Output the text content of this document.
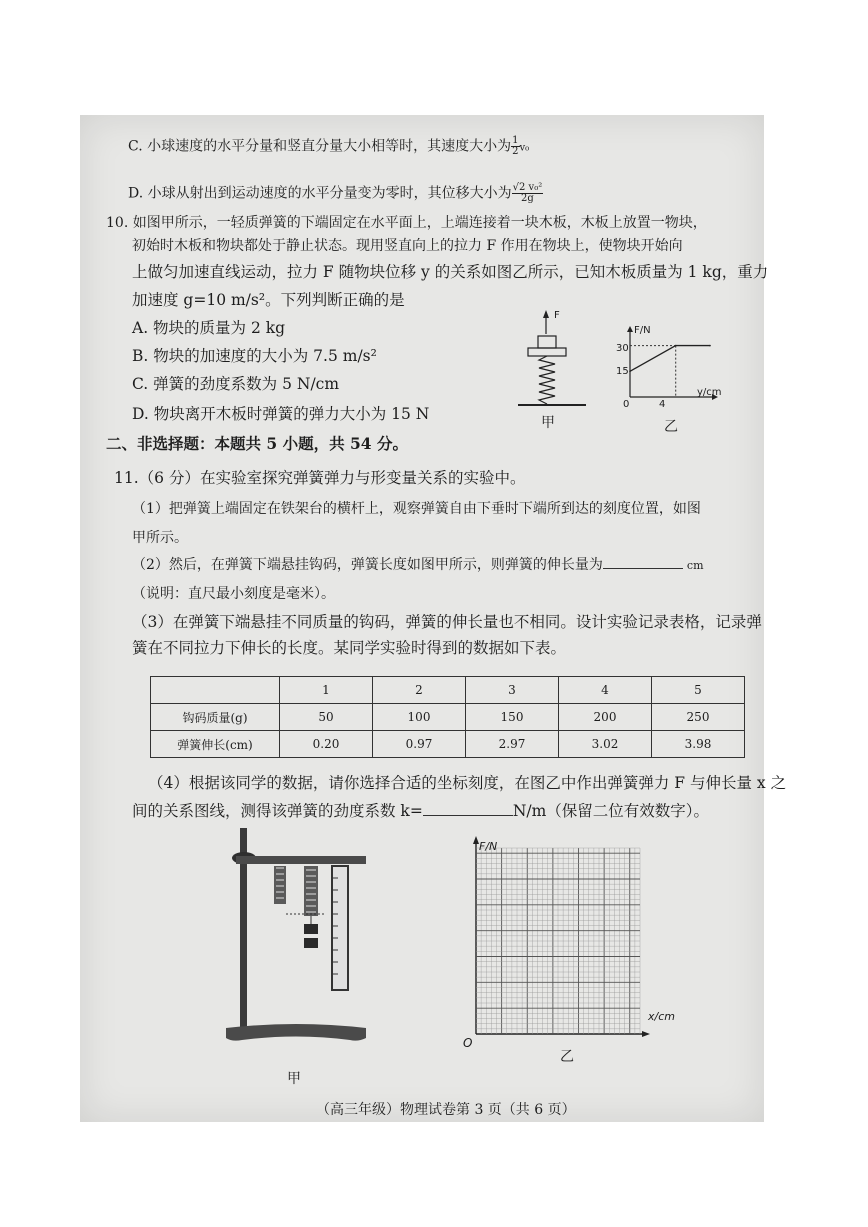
C. 小球速度的水平分量和竖直分量大小相等时，其速度大小为 $\frac{1}{2} v_0$
D. 小球从射出到运动速度的水平分量变为零时，其位移大小为 $\frac{\text{√2 v₀²}}{2g}$
10. 如图甲所示，一轻质弹簧的下端固定在水平面上，上端连接着一块木板，木板上放置一物块，
初始时木板和物块都处于静止状态。现用竖直向上的拉力 F 作用在物块上，使物块开始向
上做匀加速直线运动，拉力 F 随物块位移 y 的关系如图乙所示，已知木板质量为 1 kg，重力
加速度 g=10 m/s²。下列判断正确的是
A. 物块的质量为 2 kg
B. 物块的加速度的大小为 7.5 m/s²
C. 弹簧的劲度系数为 5 N/cm
D. 物块离开木板时弹簧的弹力大小为 15 N
F
甲
F/N
y/cm
30
15
0	4
乙
二、非选择题：本题共 5 小题，共 54 分。
11.（6 分）在实验室探究弹簧弹力与形变量关系的实验中。
（1）把弹簧上端固定在铁架台的横杆上，观察弹簧自由下垂时下端所到达的刻度位置，如图
甲所示。
（2）然后，在弹簧下端悬挂钩码，弹簧长度如图甲所示，则弹簧的伸长量为	cm
（说明：直尺最小刻度是毫米）。
（3）在弹簧下端悬挂不同质量的钩码，弹簧的伸长量也不相同。设计实验记录表格，记录弹
簧在不同拉力下伸长的长度。某同学实验时得到的数据如下表。
	1	2	3	4	5
钩码质量(g)	50	100	150	200	250
弹簧伸长(cm)	0.20	0.97	2.97	3.02	3.98
（4）根据该同学的数据，请你选择合适的坐标刻度，在图乙中作出弹簧弹力 F 与伸长量 x 之
间的关系图线，测得该弹簧的劲度系数 k=	N/m（保留二位有效数字）。
甲
F/N
x/cm
O
乙
（高三年级）物理试卷第 3 页（共 6 页）
